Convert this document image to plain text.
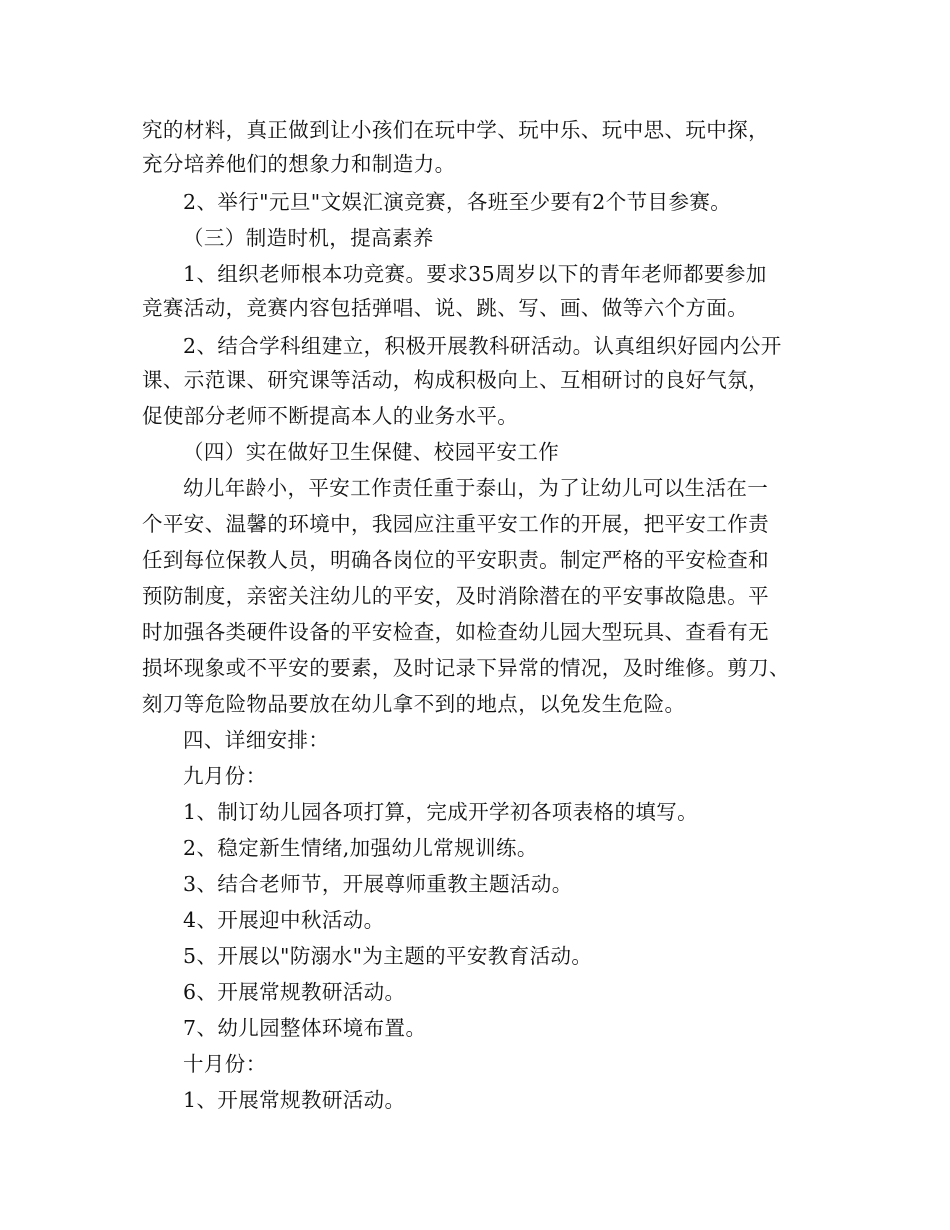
究的材料，真正做到让小孩们在玩中学、玩中乐、玩中思、玩中探，
充分培养他们的想象力和制造力。
2、举行"元旦"文娱汇演竞赛，各班至少要有2个节目参赛。
（三）制造时机，提高素养
1、组织老师根本功竞赛。要求35周岁以下的青年老师都要参加
竞赛活动，竞赛内容包括弹唱、说、跳、写、画、做等六个方面。
2、结合学科组建立，积极开展教科研活动。认真组织好园内公开
课、示范课、研究课等活动，构成积极向上、互相研讨的良好气氛，
促使部分老师不断提高本人的业务水平。
（四）实在做好卫生保健、校园平安工作
幼儿年龄小，平安工作责任重于泰山，为了让幼儿可以生活在一
个平安、温馨的环境中，我园应注重平安工作的开展，把平安工作责
任到每位保教人员，明确各岗位的平安职责。制定严格的平安检查和
预防制度，亲密关注幼儿的平安，及时消除潜在的平安事故隐患。平
时加强各类硬件设备的平安检查，如检查幼儿园大型玩具、查看有无
损坏现象或不平安的要素，及时记录下异常的情况，及时维修。剪刀、
刻刀等危险物品要放在幼儿拿不到的地点，以免发生危险。
四、详细安排：
九月份：
1、制订幼儿园各项打算，完成开学初各项表格的填写。
2、稳定新生情绪,加强幼儿常规训练。
3、结合老师节，开展尊师重教主题活动。
4、开展迎中秋活动。
5、开展以"防溺水"为主题的平安教育活动。
6、开展常规教研活动。
7、幼儿园整体环境布置。
十月份：
1、开展常规教研活动。
